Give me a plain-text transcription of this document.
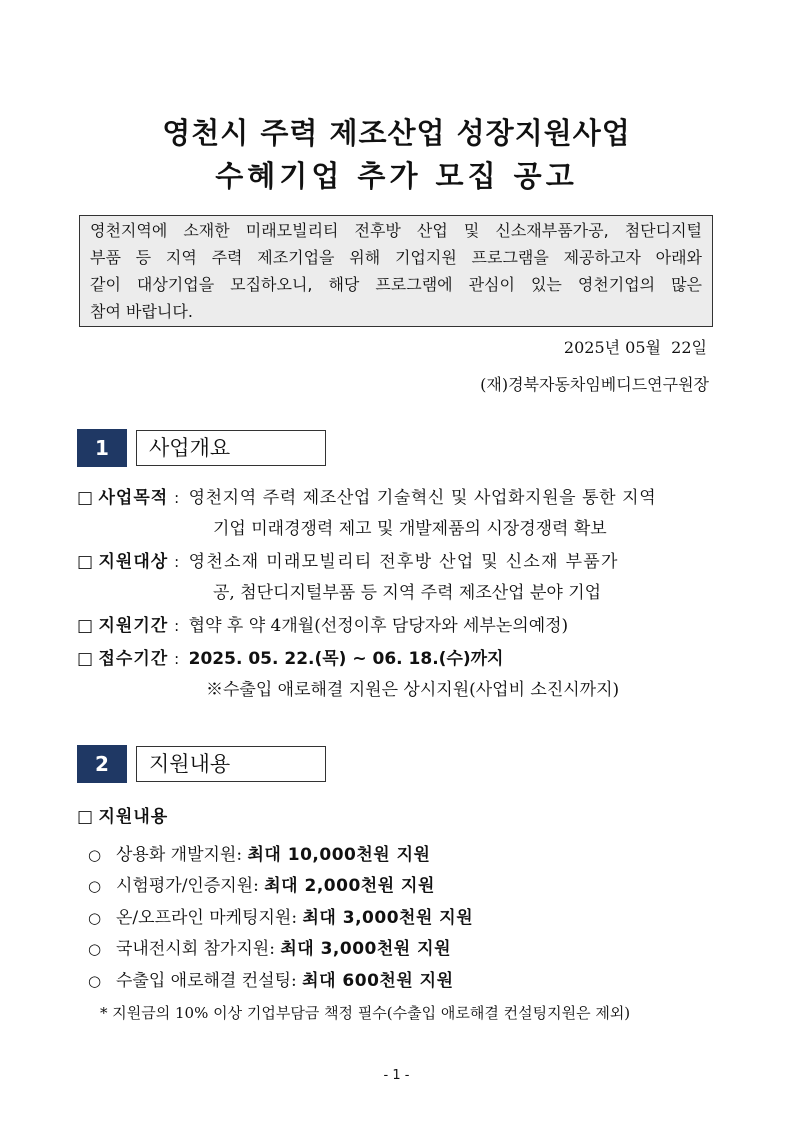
영천시 주력 제조산업 성장지원사업
수혜기업 추가 모집 공고
영천지역에 소재한 미래모빌리티 전후방 산업 및 신소재부품가공, 첨단디지털
부품 등 지역 주력 제조기업을 위해 기업지원 프로그램을 제공하고자 아래와
같이 대상기업을 모집하오니, 해당 프로그램에 관심이 있는 영천기업의 많은
참여 바랍니다.
2025년 05월  22일
(재)경북자동차임베디드연구원장
1	사업개요
□ 사업목적 : 영천지역 주력 제조산업 기술혁신 및 사업화지원을 통한 지역
기업 미래경쟁력 제고 및 개발제품의 시장경쟁력 확보
□ 지원대상 : 영천소재 미래모빌리티 전후방 산업 및 신소재 부품가
공, 첨단디지털부품 등 지역 주력 제조산업 분야 기업
□ 지원기간 : 협약 후 약 4개월(선정이후 담당자와 세부논의예정)
□ 접수기간 : 2025. 05. 22.(목) ~ 06. 18.(수)까지
※수출입 애로해결 지원은 상시지원(사업비 소진시까지)
2	지원내용
□ 지원내용
○ 상용화 개발지원: 최대 10,000천원 지원
○ 시험평가/인증지원: 최대 2,000천원 지원
○ 온/오프라인 마케팅지원: 최대 3,000천원 지원
○ 국내전시회 참가지원: 최대 3,000천원 지원
○ 수출입 애로해결 컨설팅: 최대 600천원 지원
* 지원금의 10% 이상 기업부담금 책정 필수(수출입 애로해결 컨설팅지원은 제외)
- 1 -
